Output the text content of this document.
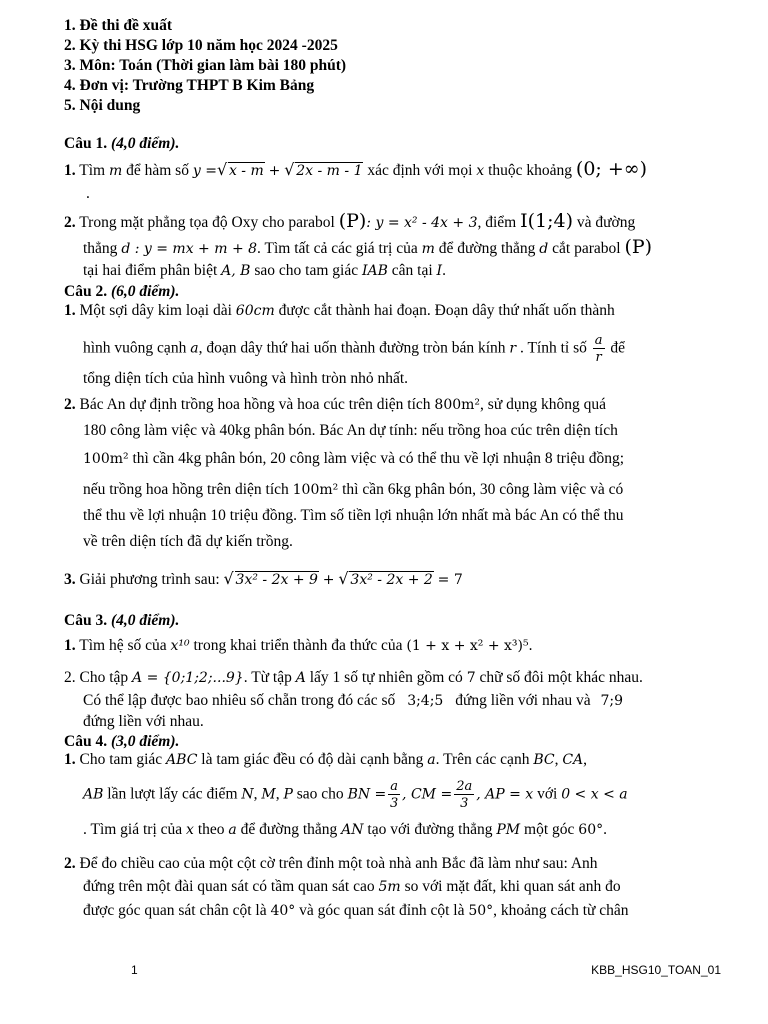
1. Đề thi đề xuất
2. Kỳ thi HSG lớp 10 năm học 2024 -2025
3. Môn: Toán (Thời gian làm bài 180 phút)
4. Đơn vị: Trường THPT B Kim Bảng
5. Nội dung
Câu 1. (4,0 điểm).
1. Tìm m để hàm số y = √ x - m + √ 2x - m - 1 xác định với mọi x thuộc khoảng (0; +∞)
.
2. Trong mặt phẳng tọa độ Oxy cho parabol (P): y = x² - 4x + 3, điểm I(1;4) và đường
thẳng d : y = mx + m + 8. Tìm tất cả các giá trị của m để đường thẳng d cắt parabol (P)
tại hai điểm phân biệt A, B sao cho tam giác IAB cân tại I.
Câu 2. (6,0 điểm).
1. Một sợi dây kim loại dài 60cm được cắt thành hai đoạn. Đoạn dây thứ nhất uốn thành
hình vuông cạnh a, đoạn dây thứ hai uốn thành đường tròn bán kính r . Tính tỉ số $\frac{a}{r}$ để
tổng diện tích của hình vuông và hình tròn nhỏ nhất.
2. Bác An dự định trồng hoa hồng và hoa cúc trên diện tích 800m², sử dụng không quá
180 công làm việc và 40kg phân bón. Bác An dự tính: nếu trồng hoa cúc trên diện tích
100m² thì cần 4kg phân bón, 20 công làm việc và có thể thu về lợi nhuận 8 triệu đồng;
nếu trồng hoa hồng trên diện tích 100m² thì cần 6kg phân bón, 30 công làm việc và có
thể thu về lợi nhuận 10 triệu đồng. Tìm số tiền lợi nhuận lớn nhất mà bác An có thể thu
về trên diện tích đã dự kiến trồng.
3. Giải phương trình sau: √ 3x² - 2x + 9 + √ 3x² - 2x + 2 = 7
Câu 3. (4,0 điểm).
1. Tìm hệ số của x¹⁰ trong khai triển thành đa thức của (1 + x + x² + x³)⁵.
2. Cho tập A = {0;1;2;...9}. Từ tập A lấy 1 số tự nhiên gồm có 7 chữ số đôi một khác nhau.
Có thể lập được bao nhiêu số chẵn trong đó các số 3;4;5 đứng liền với nhau và 7;9
đứng liền với nhau.
Câu 4. (3,0 điểm).
1. Cho tam giác ABC là tam giác đều có độ dài cạnh bằng a. Trên các cạnh BC, CA,
AB lần lượt lấy các điểm N, M, P sao cho BN = $\frac{a}{3}$ , CM = $\frac{2a}{3}$ , AP = x với 0 < x < a
. Tìm giá trị của x theo a để đường thẳng AN tạo với đường thẳng PM một góc 60°.
2. Để đo chiều cao của một cột cờ trên đỉnh một toà nhà anh Bắc đã làm như sau: Anh
đứng trên một đài quan sát có tầm quan sát cao 5m so với mặt đất, khi quan sát anh đo
được góc quan sát chân cột là 40° và góc quan sát đỉnh cột là 50°, khoảng cách từ chân
1	KBB_HSG10_TOAN_01
